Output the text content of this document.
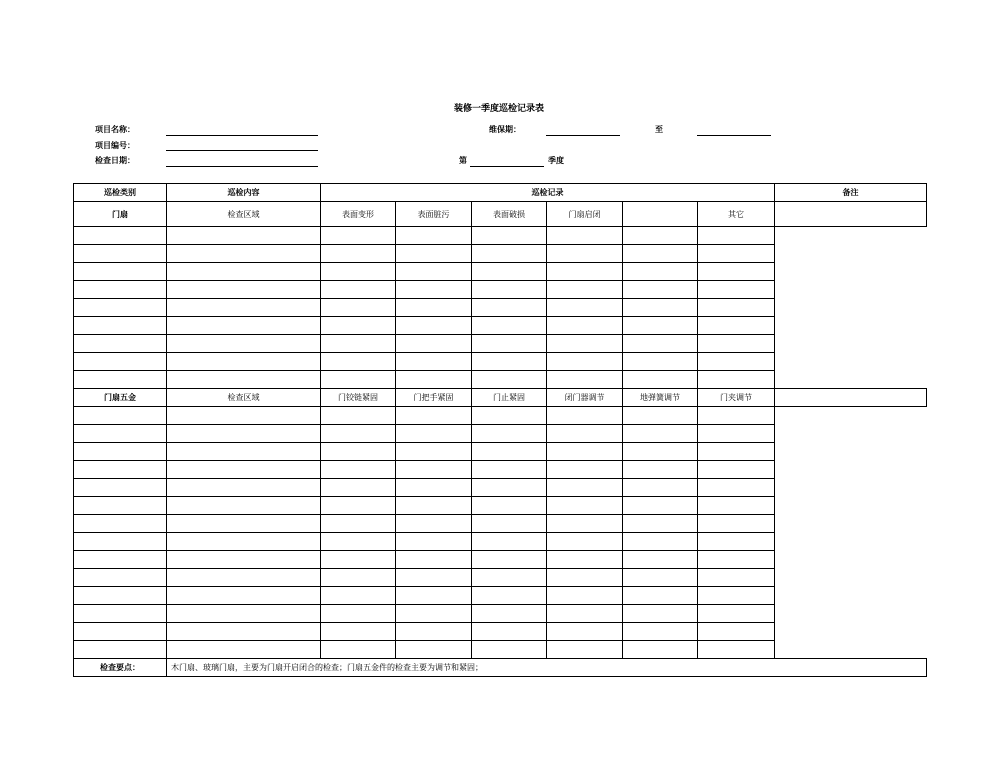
装修一季度巡检记录表
项目名称：
项目编号：
检查日期：
维保期：	至
第	季度
巡检类别	巡检内容	巡检记录						备注
门扇	检查区域	表面变形	表面脏污	表面破损	门扇启闭		其它	

门扇五金	检查区域	门铰链紧固	门把手紧固	门止紧固	闭门器调节	地弹簧调节	门夹调节	

检查要点：	木门扇、玻璃门扇，主要为门扇开启闭合的检查；门扇五金件的检查主要为调节和紧固；							
